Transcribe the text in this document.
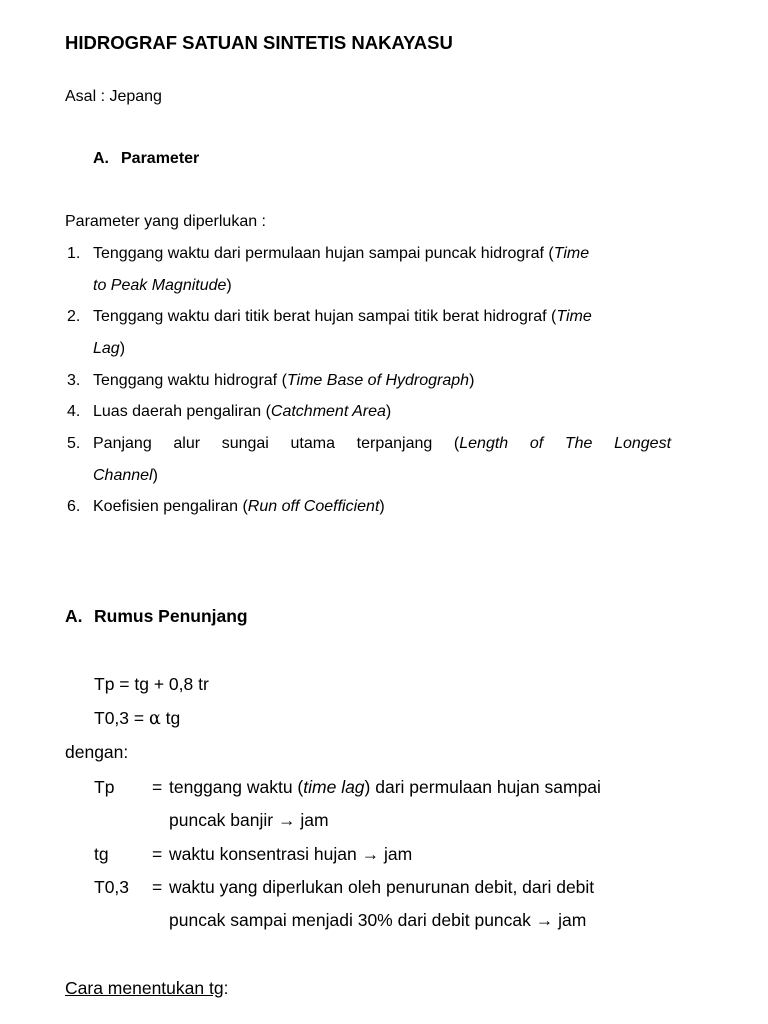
HIDROGRAF SATUAN SINTETIS NAKAYASU
Asal : Jepang
A. Parameter
Parameter yang diperlukan :
1. Tenggang waktu dari permulaan hujan sampai puncak hidrograf (Time
to Peak Magnitude)
2. Tenggang waktu dari titik berat hujan sampai titik berat hidrograf (Time
Lag)
3. Tenggang waktu hidrograf (Time Base of Hydrograph)
4. Luas daerah pengaliran (Catchment Area)
5. Panjang alur sungai utama terpanjang (Length of The Longest
Channel)
6. Koefisien pengaliran (Run off Coefficient)
A. Rumus Penunjang
Tp = tg + 0,8 tr
T0,3 = α tg
dengan:
Tp = tenggang waktu (time lag) dari permulaan hujan sampai
puncak banjir → jam
tg = waktu konsentrasi hujan → jam
T0,3 = waktu yang diperlukan oleh penurunan debit, dari debit
puncak sampai menjadi 30% dari debit puncak → jam
Cara menentukan tg:
